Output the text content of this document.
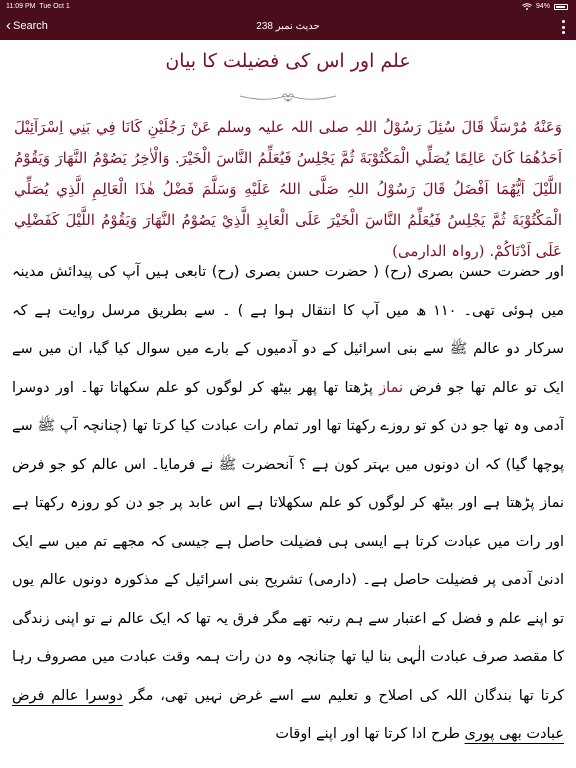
11:09 PM Tue Oct 1	94%
‹ Search	حدیث نمبر 238
علم اور اس کی فضیلت کا بیان
وَعَنْهُ مُرْسَلًا قَالَ سُئِلَ رَسُوْلُ اللہِ صلی اللہ علیہ وسلم عَنْ رَجُلَيْنِ كَانَا فِي بَنِي اِسْرَآئِيْلَ اَحَدُهُمَا كَانَ عَالِمًا يُصَلِّي الْمَكْتُوْبَةَ ثُمَّ يَجْلِسُ فَيُعَلِّمُ النَّاسَ الْخَيْرَ. وَالْاٰخِرُ يَصُوْمُ النَّهَارَ وَيَقُوْمُ اللَّيْلَ اَيُّهُمَا اَفْضَلُ قَالَ رَسُوْلُ اللہِ صَلَّى اللہُ عَلَيْهِ وَسَلَّمَ فَضْلُ هٰذَا الْعَالِمِ الَّذِي يُصَلِّي الْمَكْتُوْبَةَ ثُمَّ يَجْلِسُ فَيُعَلِّمُ النَّاسَ الْخَيْرَ عَلَى الْعَابِدِ الَّذِيْ يَصُوْمُ النَّهَارَ وَيَقُوْمُ اللَّيْلَ كَفَضْلِي عَلَى اَدْنَاكُمْ. (رواہ الدارمی)
اور حضرت حسن بصری (رح) ( حضرت حسن بصری (رح) تابعی ہیں آپ کی پیدائش مدینہ میں ہوئی تھی۔ ۱۱۰ ھ میں آپ کا انتقال ہوا ہے ) ۔ سے بطریق مرسل روایت ہے کہ سرکار دو عالم ﷺ سے بنی اسرائیل کے دو آدمیوں کے بارے میں سوال کیا گیا، ان میں سے ایک تو عالم تھا جو فرض نماز پڑھتا تھا پھر بیٹھ کر لوگوں کو علم سکھاتا تھا۔ اور دوسرا آدمی وہ تھا جو دن کو تو روزے رکھتا تھا اور تمام رات عبادت کیا کرتا تھا (چنانچہ آپ ﷺ سے پوچھا گیا) کہ ان دونوں میں بہتر کون ہے ؟ آنحضرت ﷺ نے فرمایا۔ اس عالم کو جو فرض نماز پڑھتا ہے اور بیٹھ کر لوگوں کو علم سکھلاتا ہے اس عابد پر جو دن کو روزہ رکھتا ہے اور رات میں عبادت کرتا ہے ایسی ہی فضیلت حاصل ہے جیسی کہ مجھے تم میں سے ایک ادنیٰ آدمی پر فضیلت حاصل ہے۔ (دارمی) تشریح بنی اسرائیل کے مذکورہ دونوں عالم یوں تو اپنے علم و فضل کے اعتبار سے ہم رتبہ تھے مگر فرق یہ تھا کہ ایک عالم نے تو اپنی زندگی کا مقصد صرف عبادت الٰہی بنا لیا تھا چنانچہ وہ دن رات ہمہ وقت عبادت میں مصروف رہا کرتا تھا بندگان اللہ کی اصلاح و تعلیم سے اسے غرض نہیں تھی، مگر دوسرا عالم فرض عبادت بھی پوری طرح ادا کرتا تھا اور اپنے اوقات
